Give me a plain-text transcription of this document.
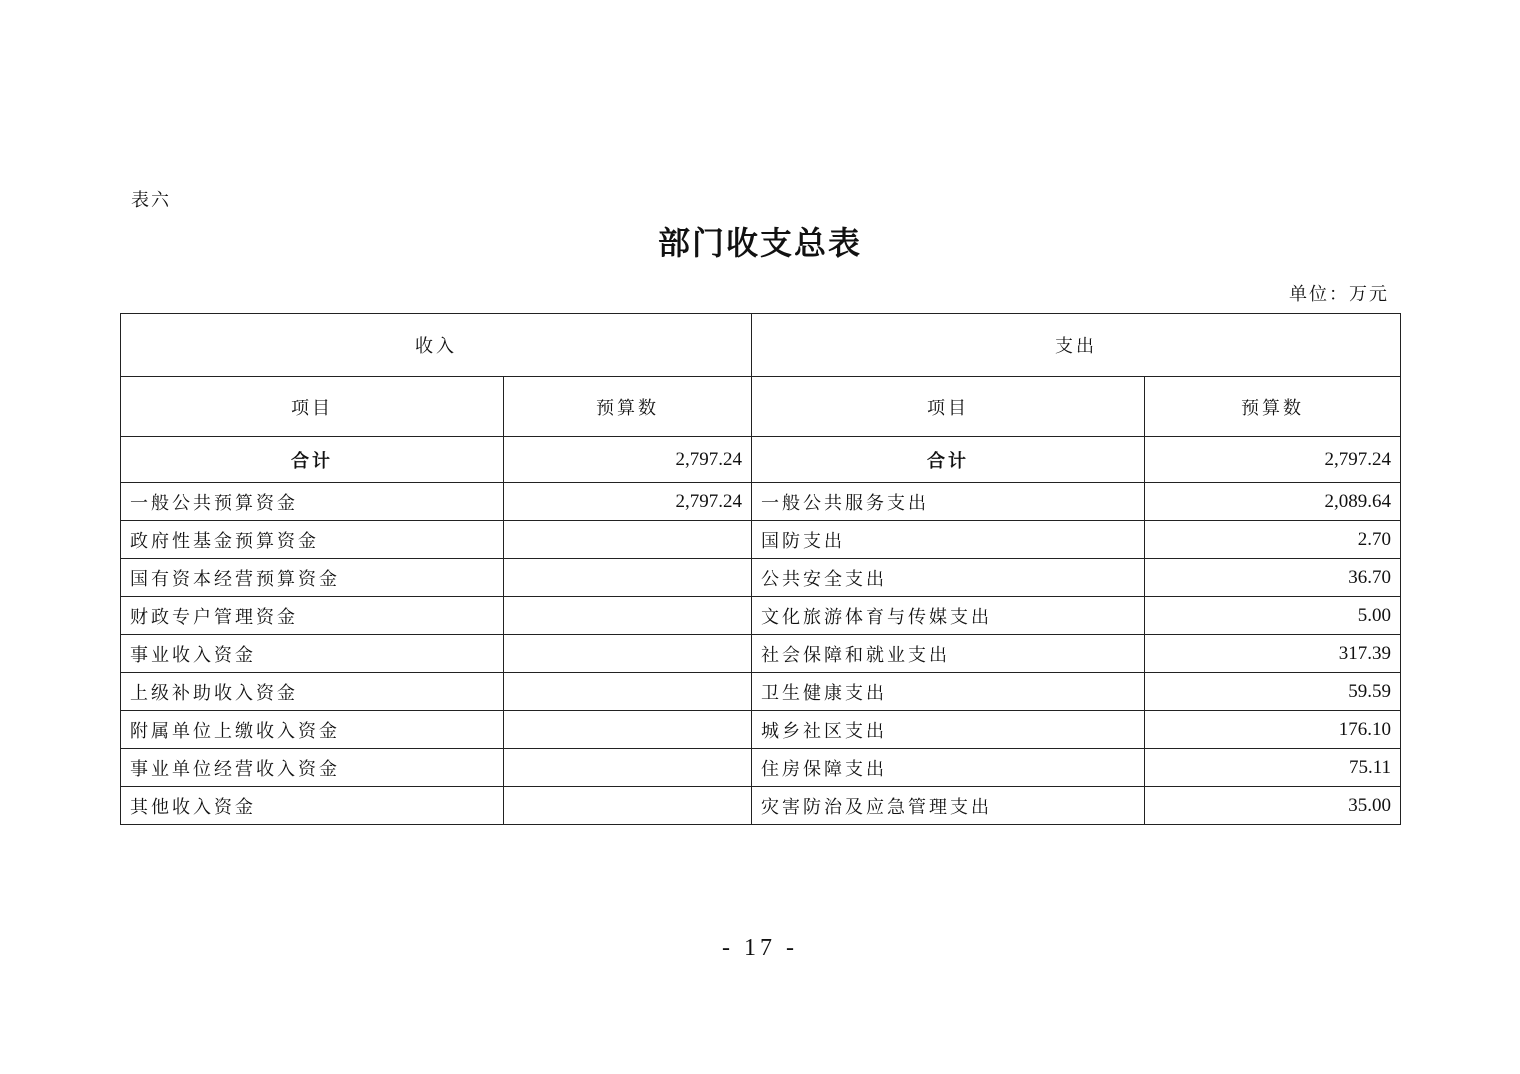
表六
部门收支总表
单位：万元
收入		支出	
项目	预算数	项目	预算数
合计	2,797.24	合计	2,797.24
一般公共预算资金	2,797.24	一般公共服务支出	2,089.64
政府性基金预算资金		国防支出	2.70
国有资本经营预算资金		公共安全支出	36.70
财政专户管理资金		文化旅游体育与传媒支出	5.00
事业收入资金		社会保障和就业支出	317.39
上级补助收入资金		卫生健康支出	59.59
附属单位上缴收入资金		城乡社区支出	176.10
事业单位经营收入资金		住房保障支出	75.11
其他收入资金		灾害防治及应急管理支出	35.00
- 17 -
